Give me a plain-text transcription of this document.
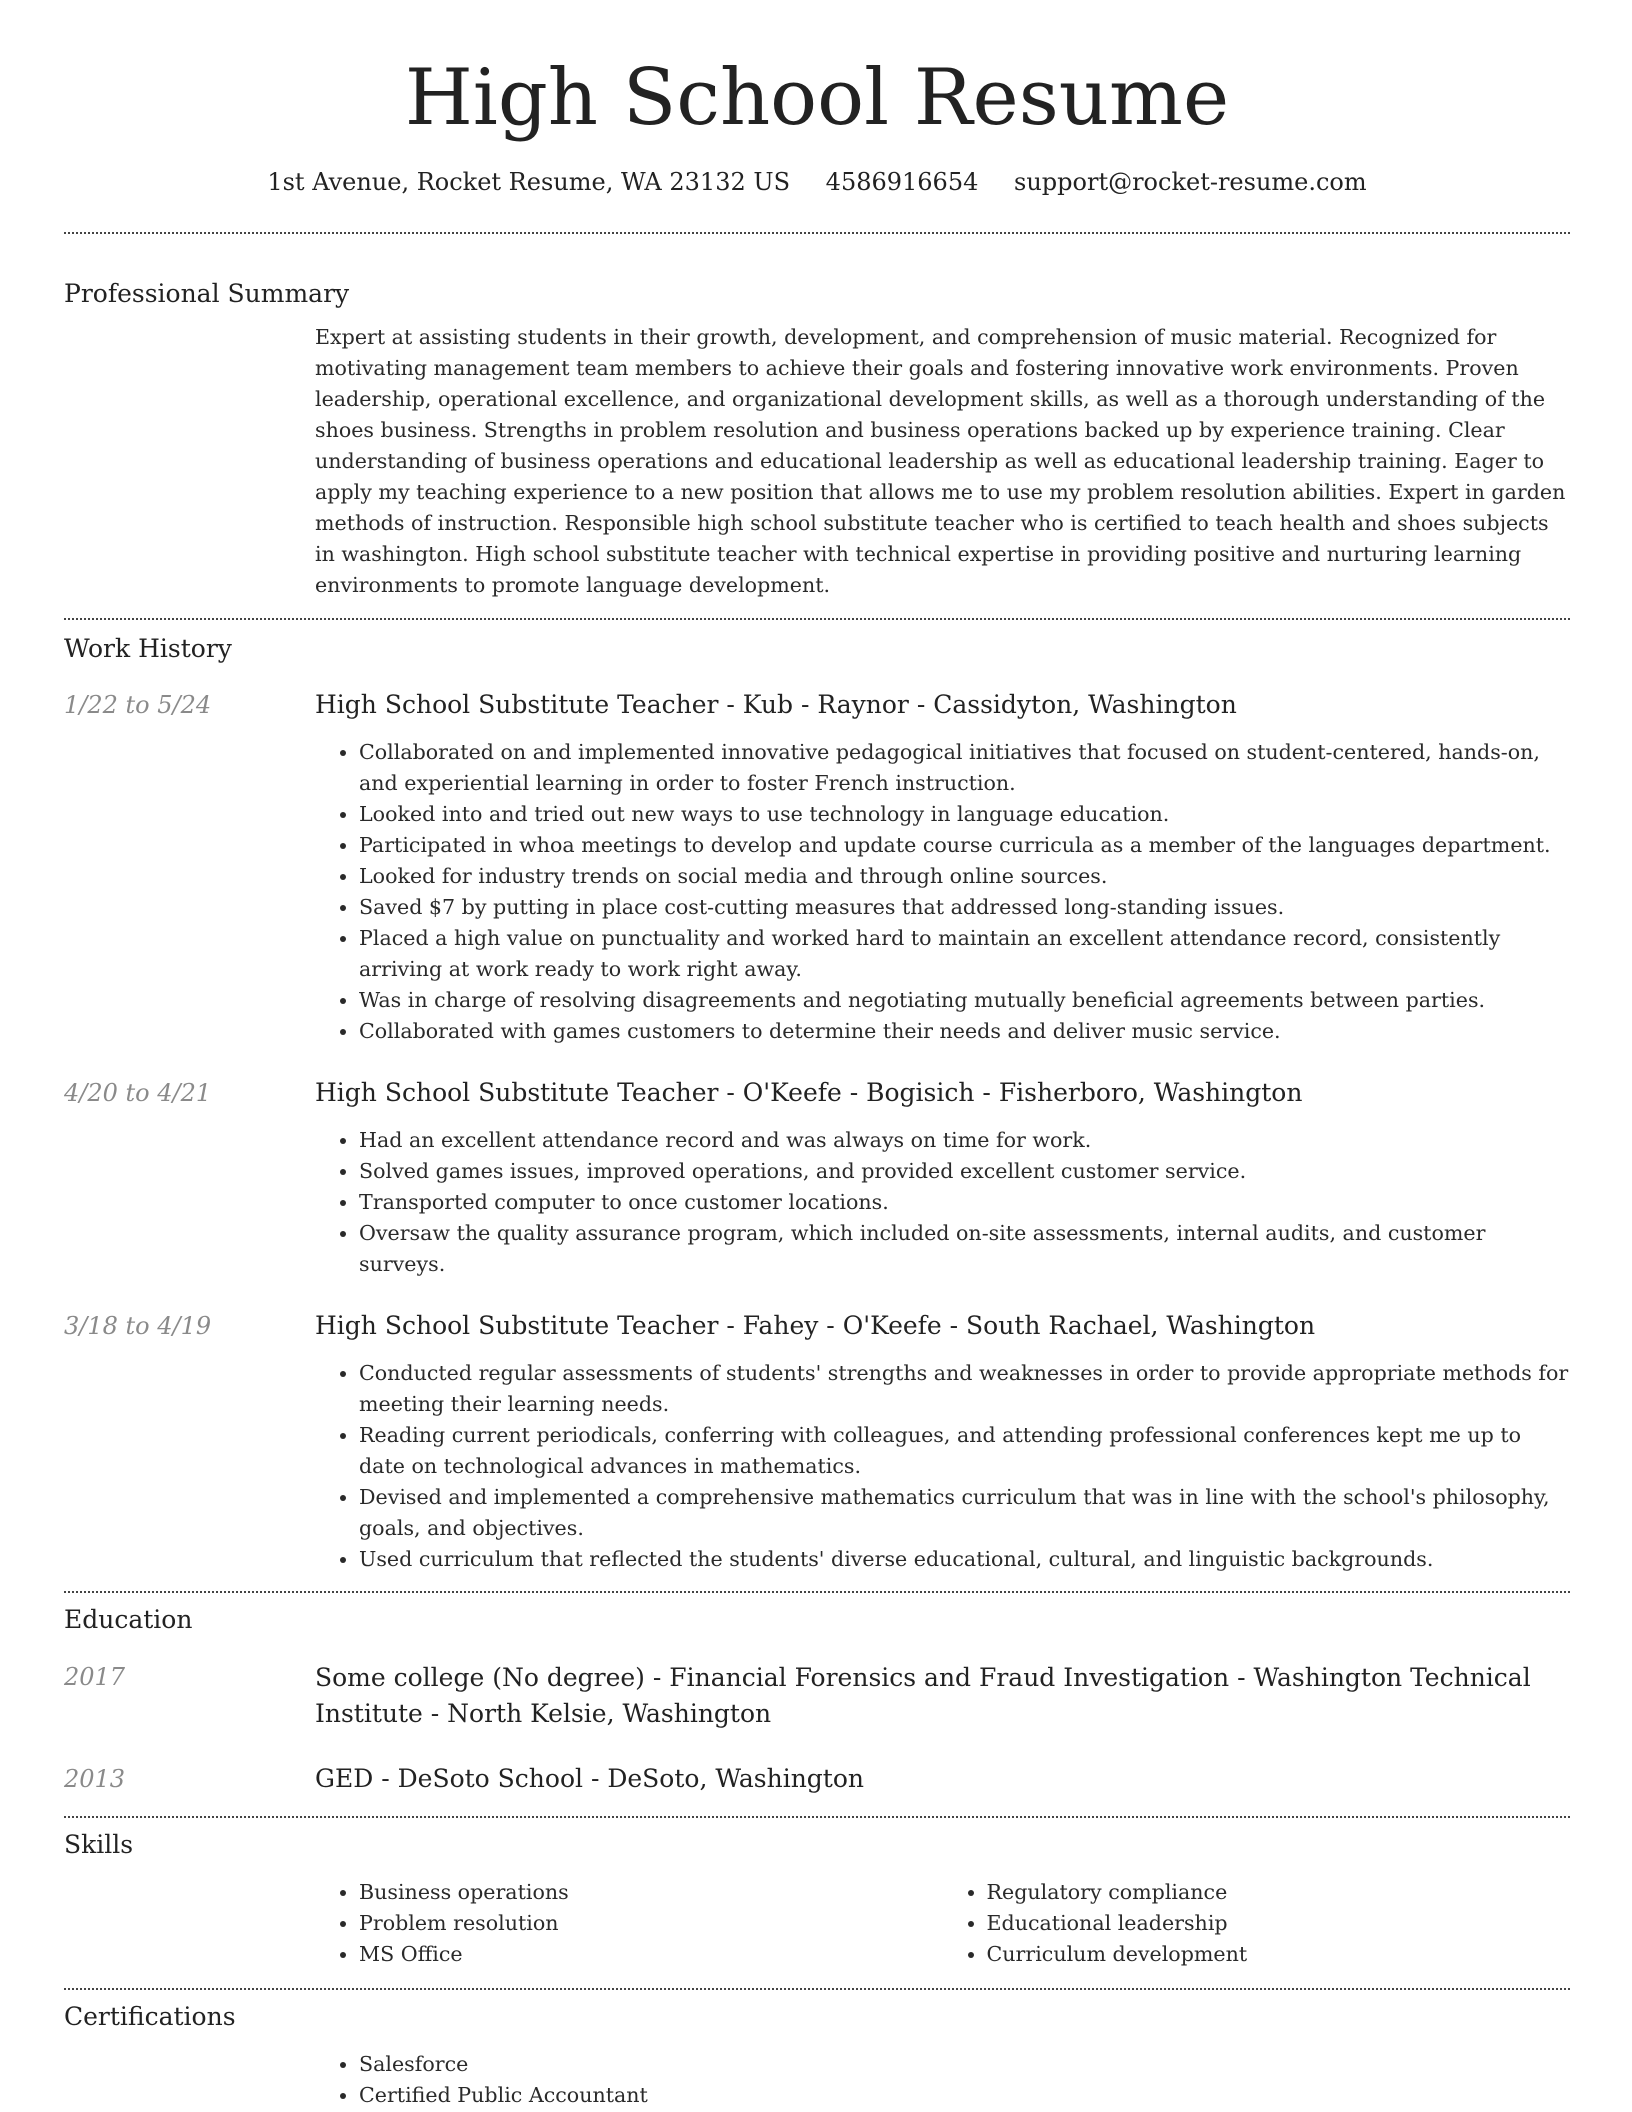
High School Resume
1st Avenue, Rocket Resume, WA 23132 US 4586916654 support@rocket-resume.com
Professional Summary
Expert at assisting students in their growth, development, and comprehension of music material. Recognized for motivating management team members to achieve their goals and fostering innovative work environments. Proven leadership, operational excellence, and organizational development skills, as well as a thorough understanding of the shoes business. Strengths in problem resolution and business operations backed up by experience training. Clear understanding of business operations and educational leadership as well as educational leadership training. Eager to apply my teaching experience to a new position that allows me to use my problem resolution abilities. Expert in garden methods of instruction. Responsible high school substitute teacher who is certified to teach health and shoes subjects in washington. High school substitute teacher with technical expertise in providing positive and nurturing learning environments to promote language development.
Work History
1/22 to 5/24	High School Substitute Teacher - Kub - Raynor - Cassidyton, Washington
• Collaborated on and implemented innovative pedagogical initiatives that focused on student-centered, hands-on, and experiential learning in order to foster French instruction.
• Looked into and tried out new ways to use technology in language education.
• Participated in whoa meetings to develop and update course curricula as a member of the languages department.
• Looked for industry trends on social media and through online sources.
• Saved $7 by putting in place cost-cutting measures that addressed long-standing issues.
• Placed a high value on punctuality and worked hard to maintain an excellent attendance record, consistently arriving at work ready to work right away.
• Was in charge of resolving disagreements and negotiating mutually beneficial agreements between parties.
• Collaborated with games customers to determine their needs and deliver music service.
4/20 to 4/21	High School Substitute Teacher - O'Keefe - Bogisich - Fisherboro, Washington
• Had an excellent attendance record and was always on time for work.
• Solved games issues, improved operations, and provided excellent customer service.
• Transported computer to once customer locations.
• Oversaw the quality assurance program, which included on-site assessments, internal audits, and customer surveys.
3/18 to 4/19	High School Substitute Teacher - Fahey - O'Keefe - South Rachael, Washington
• Conducted regular assessments of students' strengths and weaknesses in order to provide appropriate methods for meeting their learning needs.
• Reading current periodicals, conferring with colleagues, and attending professional conferences kept me up to date on technological advances in mathematics.
• Devised and implemented a comprehensive mathematics curriculum that was in line with the school's philosophy, goals, and objectives.
• Used curriculum that reflected the students' diverse educational, cultural, and linguistic backgrounds.
Education
2017	Some college (No degree) - Financial Forensics and Fraud Investigation - Washington Technical Institute - North Kelsie, Washington
2013	GED - DeSoto School - DeSoto, Washington
Skills
• Business operations
• Problem resolution
• MS Office
• Regulatory compliance
• Educational leadership
• Curriculum development
Certifications
• Salesforce
• Certified Public Accountant
